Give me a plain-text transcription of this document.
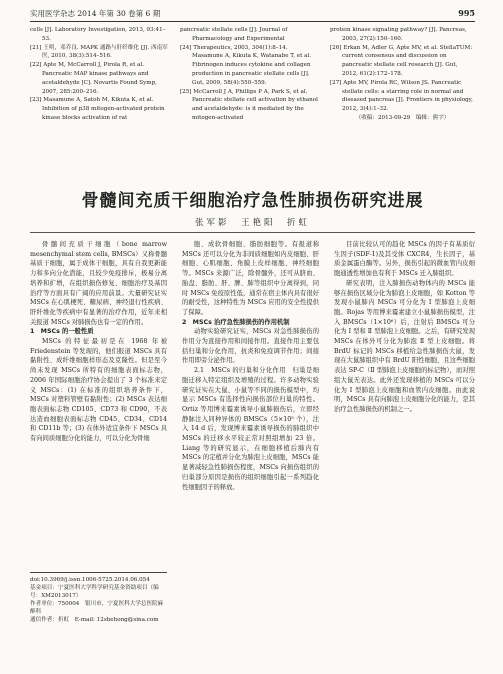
实用医学杂志 2014 年第 30 卷第 6 期	995
cells [J]. Laboratory Investigation, 2013, 93:41–53.
[21] 王明，邓乔良. MAPK 通路与肝纤维化 [J]. 西南军医, 2010, 38(3):514–516.
[22] Apte M, McCarroll J, Pirola R, et al. Pancreatic MAP kinase pathways and acetaldehyde [C]. Novartis Found Symp, 2007, 285:200–216.
[23] Masamune A, Satoh M, Kikuta K, et al. Inhibition of p38 mitogen-activated protein kinase blocks activation of rat
pancreatic stellate cells [J]. Journal of Pharmacology and Experimental
[24] Therapeutics, 2003, 304(1):8–14. Masamune A, Kikuta K, Watanabe T, et al. Fibrinogen induces cytokine and collagen production in pancreatic stellate cells [J]. Gut, 2009, 58(4):550–559.
[25] McCarroll J A, Phillips P A, Park S, et al. Pancreatic stellate cell activation by ethanol and acetaldehyde: is it mediated by the mitogen-activated
protein kinase signaling pathway? [J]. Pancreas, 2003, 27(2):150–160.
[26] Erkan M, Adler G, Apte MV, et al. StellaTUM: current consensus and discussion on pancreatic stellate cell research [J]. Gut, 2012, 61(2):172–178.
[27] Apte MV, Pirola RC, Wilson JS. Pancreatic stellate cells: a starring role in normal and diseased pancreas [J]. Frontiers in physiology, 2012, 3(4):1–32.
（收稿：2013-09-29　编辑：熊宇）
骨髓间充质干细胞治疗急性肺损伤研究进展
张军影　王艳阳　折虹

骨髓间充质干细胞（bone marrow mesenchymal stem cells, BMSCs）又称骨髓基质干细胞，属于成体干细胞，具有自我更新能力和多向分化潜能，且较少免疫排斥，极易分离培养和扩增，在组织损伤修复、细胞治疗及基因治疗等方面具有广阔的应用前景。大量研究证实 MSCs 在心肌梗死、糖尿病、神经退行性疾病、肝纤维化等疾病中有显著的治疗作用，近年来相关报道 MSCs 对肺损伤也有一定的作用。

1　MSCs 的一般性质

MSCs 的特征最初是在 1968 年被 Friedenstein 等发现的，他们报道 MSCs 具有黏附性、成纤维细胞样形态及克隆性。但是至今尚未发现 MSCs 所特有的细胞表面标志物，2006 年国际细胞治疗协会提出了 3 个标准来定义 MSCs：(1) 在标准的组织培养条件下，MSCs 对塑料管壁有黏附性；(2) MSCs 表达细胞表面标志物 CD105、CD73 和 CD90，不表达造血细胞表面标志物 CD45、CD34、CD14 和 CD11b 等；(3) 在体外适宜条件下 MSCs 具有向间质细胞分化的能力，可以分化为骨细

胞、成软骨细胞、脂肪细胞等。有报道称 MSCs 还可以分化为非间质细胞如内皮细胞、肝细胞、心肌细胞、角膜上皮样细胞、神经细胞等。MSCs 来源广泛，除骨髓外，还可从脐血、胎盘、脂肪、肝、脾、肺等组织中分离得到，同时 MSCs 免疫原性低，通常在宿主体内具有很好的耐受性，这种特性为 MSCs 应用的安全性提供了保障。

2　MSCs 治疗急性肺损伤的作用机制

动物实验研究证实，MSCs 对急性肺损伤的作用分为直接作用和间接作用。直接作用主要包括归巢和分化作用，抗炎和免疫调节作用；间接作用即旁分泌作用。

2.1　MSCs 的归巢和分化作用　归巢是细胞迁移入特定组织及增殖的过程。许多动物实验研究证实在大鼠、小鼠等不同的损伤模型中，均显示 MSCs 有选择性向损伤部位归巢的特性。Ortiz 等用博来霉素诱导小鼠肺损伤后，立即经静脉注入同种异体的 BMSCs（5×10⁵ 个），注入 14 d 后，发现博来霉素诱导损伤的肺组织中 MSCs 的迁移水平较正常对照组增加 23 倍。Liang 等的研究显示，在细胞移植后肺内有 MSCs 的定植并分化为肺泡上皮细胞，MSCs 能显著减轻急性肺损伤程度，MSCs 向损伤组织的归巢部分原因是损伤的组织细胞引起一系列趋化性细胞因子的释放。

目前比较认可的趋化 MSCs 的因子有基质衍生因子(SDF-1)及其受体 CXCR4，生长因子，基质金属蛋白酶等。另外，损伤引起的微血管内皮细胞通透性增加也有利于 MSCs 迁入肺组织。

研究表明，注入肺损伤动物体内的 MSCs 能够在损伤区域分化为肺泡上皮细胞，如 Kotton 等发现小鼠肺内 MSCs 可分化为 Ⅰ 型肺泡上皮细胞。Rojas 等用博来霉素建立小鼠肺损伤模型，注入 BMSCs（1×10⁶）后，注射后 BMSCs 可分化为 Ⅰ 型和 Ⅱ 型肺泡上皮细胞。之后，有研究发现 MSCs 在体外可分化为肺泡 Ⅱ 型上皮细胞。将 BrdU 标记的 MSCs 移植给急性肺损伤大鼠，发现在大鼠肺组织中有 BrdU 阳性细胞，且这些细胞表达 SP-C（Ⅱ 型肺泡上皮细胞的标记物），而对照组大鼠无表达。此外还发现移植的 MSCs 可以分化为 Ⅰ 型肺泡上皮细胞和血管内皮细胞。由此说明，MSCs 具有向肺泡上皮细胞分化的能力，是其治疗急性肺损伤的机制之一。

doi:10.3969/j.issn.1006-5725.2014.06.054
基金项目：宁夏医科大学科学研究基金资助项目（编号：XM2013017）
作者单位：750004　银川市，宁夏医科大学总医院麻醉科
通信作者：折虹　E-mail: 12shehong@sina.com
